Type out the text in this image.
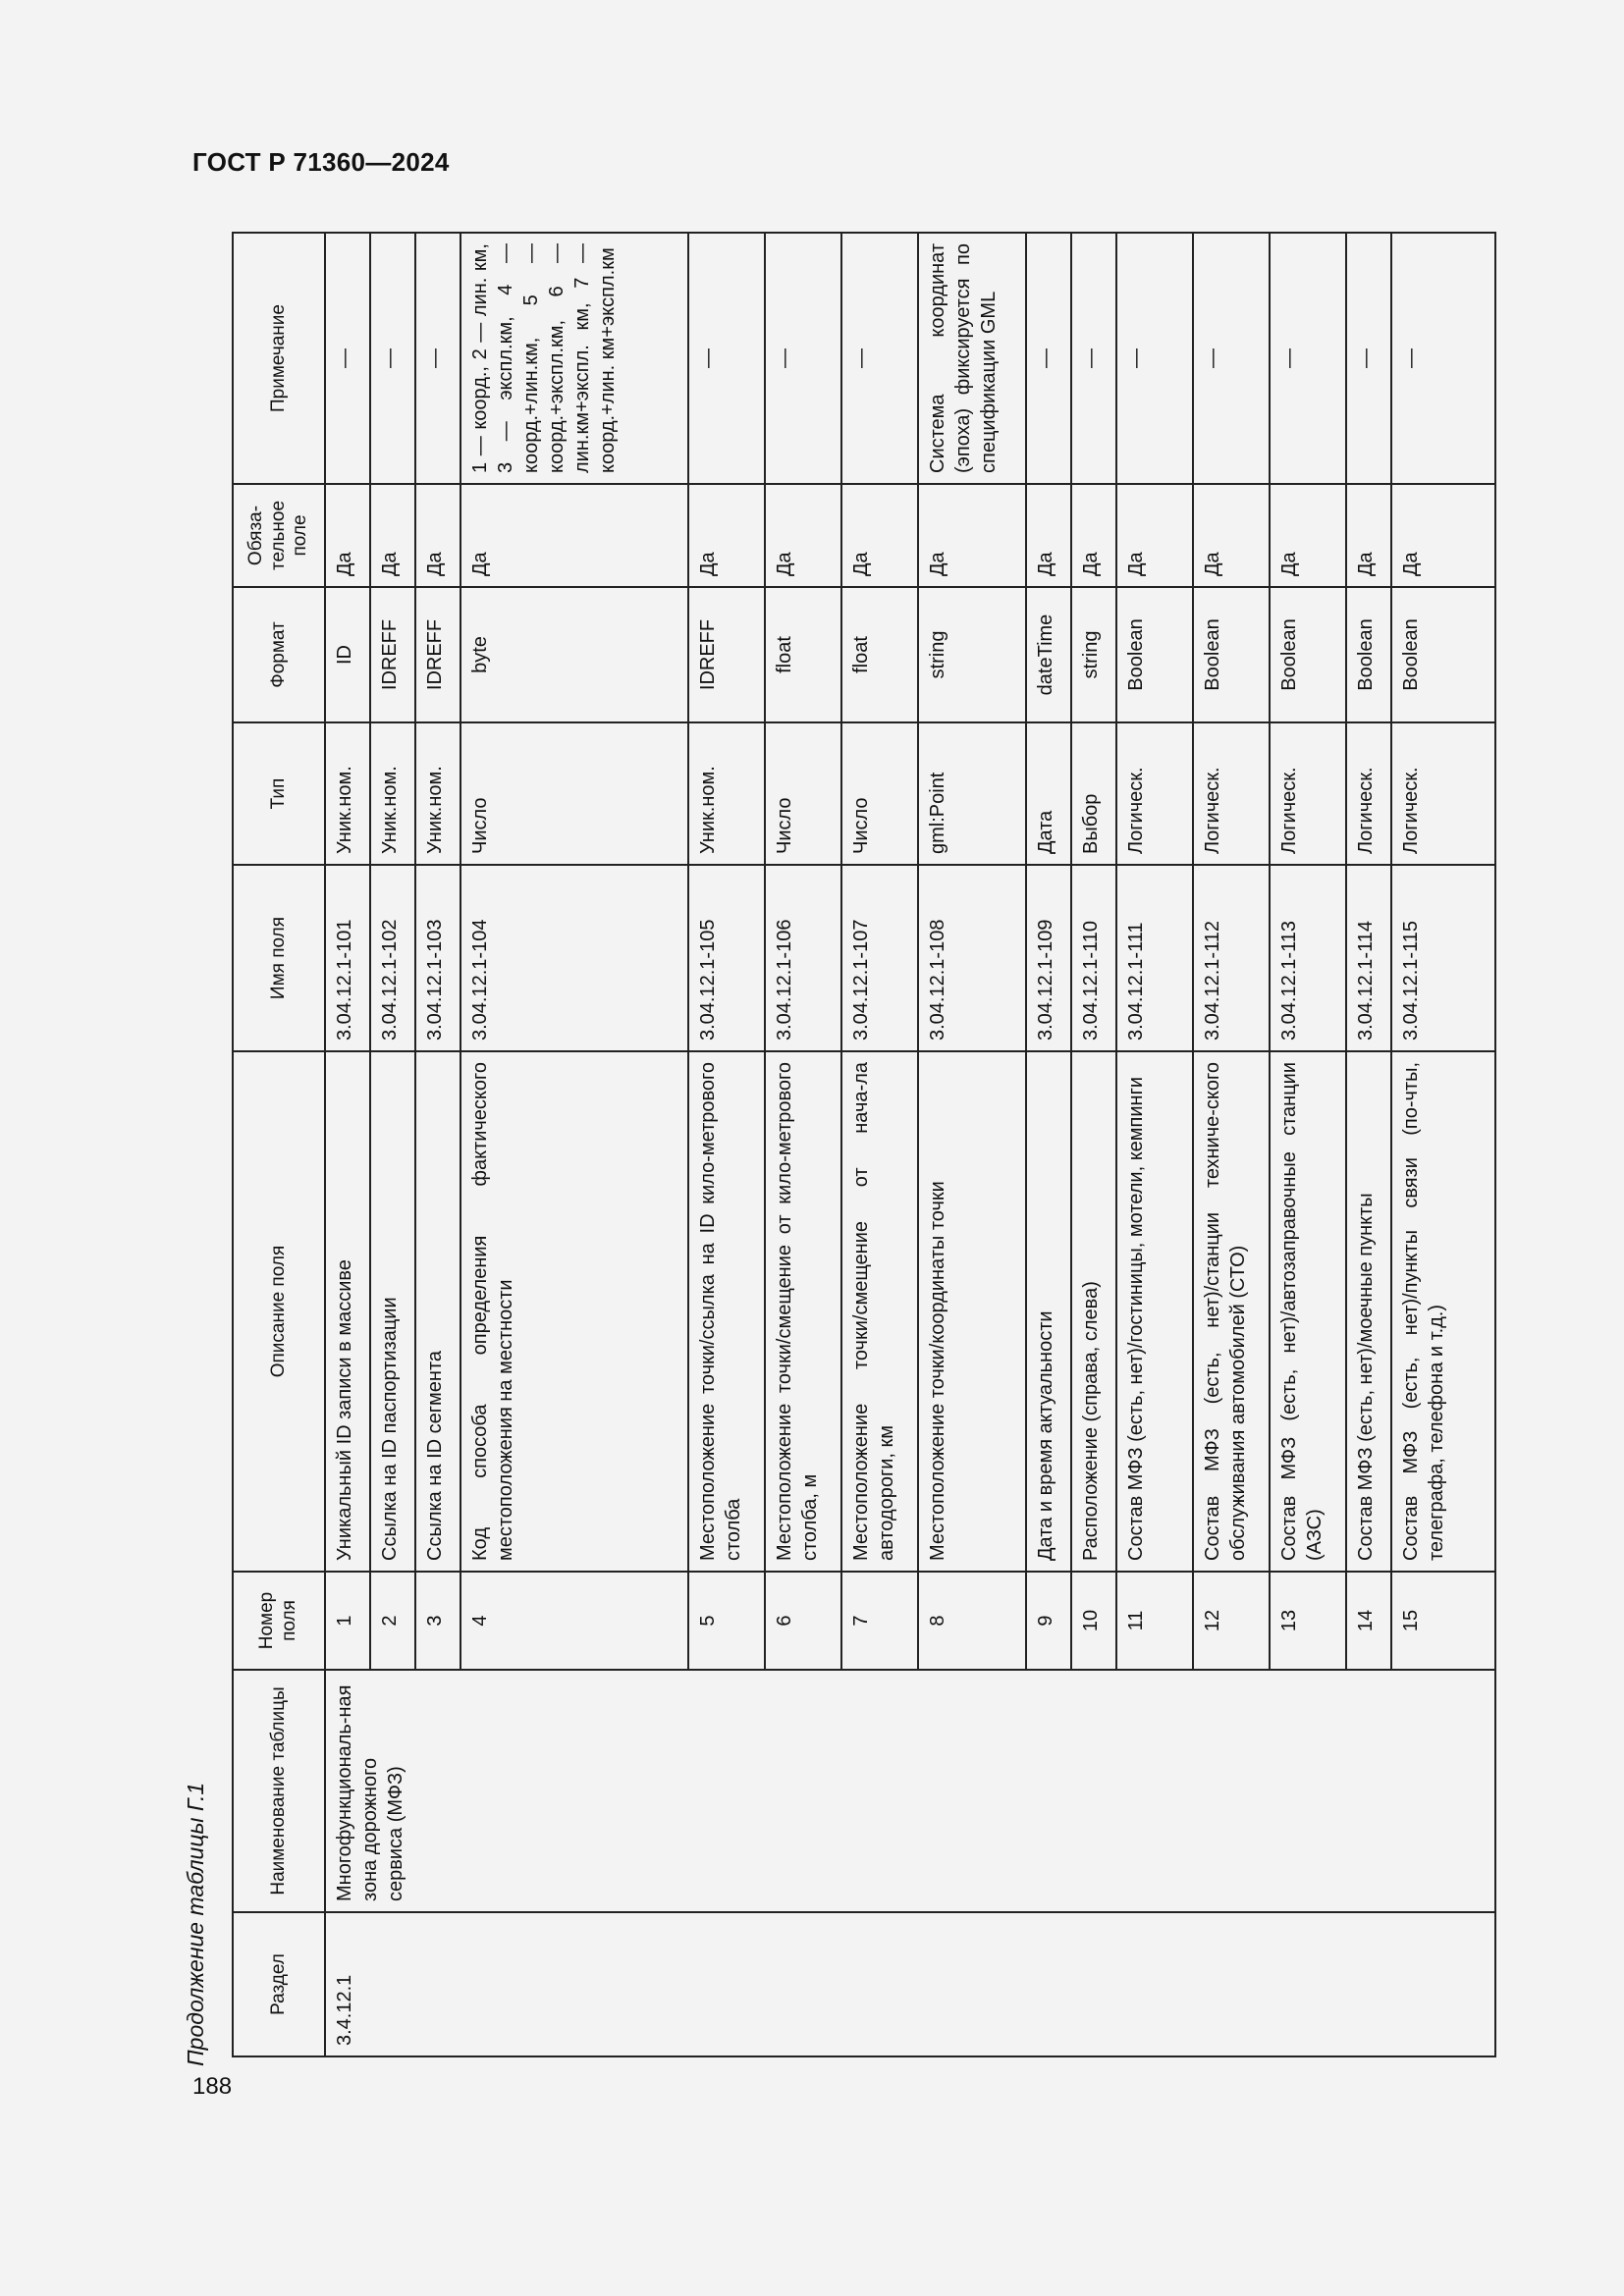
ГОСТ Р 71360—2024
188
Продолжение таблицы Г.1	Раздел	Наименование таблицы	Номер поля	Описание поля	Имя поля	Тип	Формат	Обяза-тельное поле	Примечание
3.4.12.1	Многофункциональ-ная зона дорожного сервиса (МФЗ)	1	Уникальный ID записи в массиве	3.04.12.1-101	Уник.ном.	ID	Да	—
		2	Ссылка на ID паспортизации	3.04.12.1-102	Уник.ном.	IDREFF	Да	—
		3	Ссылка на ID сегмента	3.04.12.1-103	Уник.ном.	IDREFF	Да	—
		4	Код способа определения фактического местоположения на местности	3.04.12.1-104	Число	byte	Да	1 — коорд., 2 — лин. км, 3 — экспл.км, 4 — коорд.+лин.км, 5 — коорд.+экспл.км, 6 — лин.км+экспл. км, 7 — коорд.+лин. км+экспл.км
		5	Местоположение точки/ссылка на ID кило-метрового столба	3.04.12.1-105	Уник.ном.	IDREFF	Да	—
		6	Местоположение точки/смещение от кило-метрового столба, м	3.04.12.1-106	Число	float	Да	—
		7	Местоположение точки/смещение от нача-ла автодороги, км	3.04.12.1-107	Число	float	Да	—
		8	Местоположение точки/координаты точки	3.04.12.1-108	gml:Point	string	Да	Система координат (эпоха) фиксируется по спецификации GML
		9	Дата и время актуальности	3.04.12.1-109	Дата	dateTime	Да	—
		10	Расположение (справа, слева)	3.04.12.1-110	Выбор	string	Да	—
		11	Состав МФЗ (есть, нет)/гостиницы, мотели, кемпинги	3.04.12.1-111	Логическ.	Boolean	Да	—
		12	Состав МФЗ (есть, нет)/станции техниче-ского обслуживания автомобилей (СТО)	3.04.12.1-112	Логическ.	Boolean	Да	—
		13	Состав МФЗ (есть, нет)/автозаправочные станции (АЗС)	3.04.12.1-113	Логическ.	Boolean	Да	—
		14	Состав МФЗ (есть, нет)/моечные пункты	3.04.12.1-114	Логическ.	Boolean	Да	—
		15	Состав МФЗ (есть, нет)/пункты связи (по-чты, телеграфа, телефона и т.д.)	3.04.12.1-115	Логическ.	Boolean	Да	—
